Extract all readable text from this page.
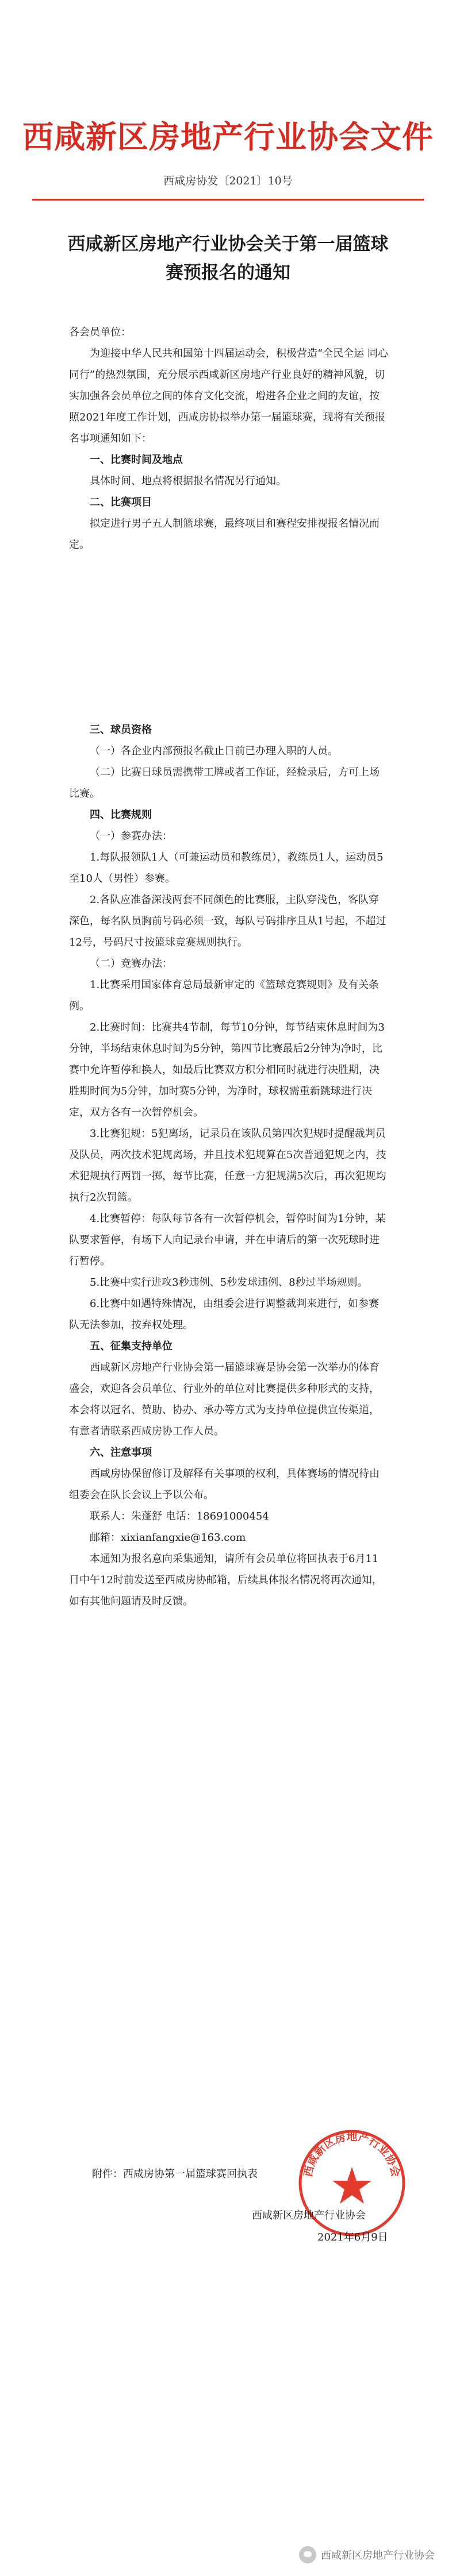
西咸新区房地产行业协会文件
西咸房协发〔2021〕10号
西咸新区房地产行业协会关于第一届篮球
赛预报名的通知

各会员单位：

为迎接中华人民共和国第十四届运动会，积极营造“全民全运 同心同行”的热烈氛围，充分展示西咸新区房地产行业良好的精神风貌，切实加强各会员单位之间的体育文化交流，增进各企业之间的友谊，按照2021年度工作计划，西咸房协拟举办第一届篮球赛，现将有关预报名事项通知如下：

一、比赛时间及地点

具体时间、地点将根据报名情况另行通知。

二、比赛项目

拟定进行男子五人制篮球赛，最终项目和赛程安排视报名情况而定。

三、球员资格

（一）各企业内部预报名截止日前已办理入职的人员。

（二）比赛日球员需携带工牌或者工作证，经检录后，方可上场比赛。

四、比赛规则

（一）参赛办法：

1.每队报领队1人（可兼运动员和教练员），教练员1人，运动员5至10人（男性）参赛。

2.各队应准备深浅两套不同颜色的比赛服，主队穿浅色，客队穿深色，每名队员胸前号码必须一致，每队号码排序且从1号起，不超过12号，号码尺寸按篮球竞赛规则执行。

（二）竞赛办法：

1.比赛采用国家体育总局最新审定的《篮球竞赛规则》及有关条例。

2.比赛时间：比赛共4节制，每节10分钟，每节结束休息时间为3分钟，半场结束休息时间为5分钟，第四节比赛最后2分钟为净时，比赛中允许暂停和换人，如最后比赛双方积分相同时就进行决胜期，决胜期时间为5分钟，加时赛5分钟，为净时，球权需重新跳球进行决定，双方各有一次暂停机会。

3.比赛犯规：5犯离场，记录员在该队员第四次犯规时提醒裁判员及队员，两次技术犯规离场，并且技术犯规算在5次普通犯规之内，技术犯规执行两罚一掷，每节比赛，任意一方犯规满5次后，再次犯规均执行2次罚篮。

4.比赛暂停：每队每节各有一次暂停机会，暂停时间为1分钟，某队要求暂停，有场下人向记录台申请，并在申请后的第一次死球时进行暂停。

5.比赛中实行进攻3秒违例、5秒发球违例、8秒过半场规则。

6.比赛中如遇特殊情况，由组委会进行调整裁判来进行，如参赛队无法参加，按弃权处理。

五、征集支持单位

西咸新区房地产行业协会第一届篮球赛是协会第一次举办的体育盛会，欢迎各会员单位、行业外的单位对比赛提供多种形式的支持，本会将以冠名、赞助、协办、承办等方式为支持单位提供宣传渠道，有意者请联系西咸房协工作人员。

六、注意事项

西咸房协保留修订及解释有关事项的权利，具体赛场的情况待由组委会在队长会议上予以公布。

联系人：朱蓬舒 电话：18691000454

邮箱：xixianfangxie@163.com

本通知为报名意向采集通知，请所有会员单位将回执表于6月11日中午12时前发送至西咸房协邮箱，后续具体报名情况将再次通知，如有其他问题请及时反馈。

附件：西咸房协第一届篮球赛回执表	西咸新区房地产行业协会
西咸新区房地产行业协会
2021年6月9日
西咸新区房地产行业协会
